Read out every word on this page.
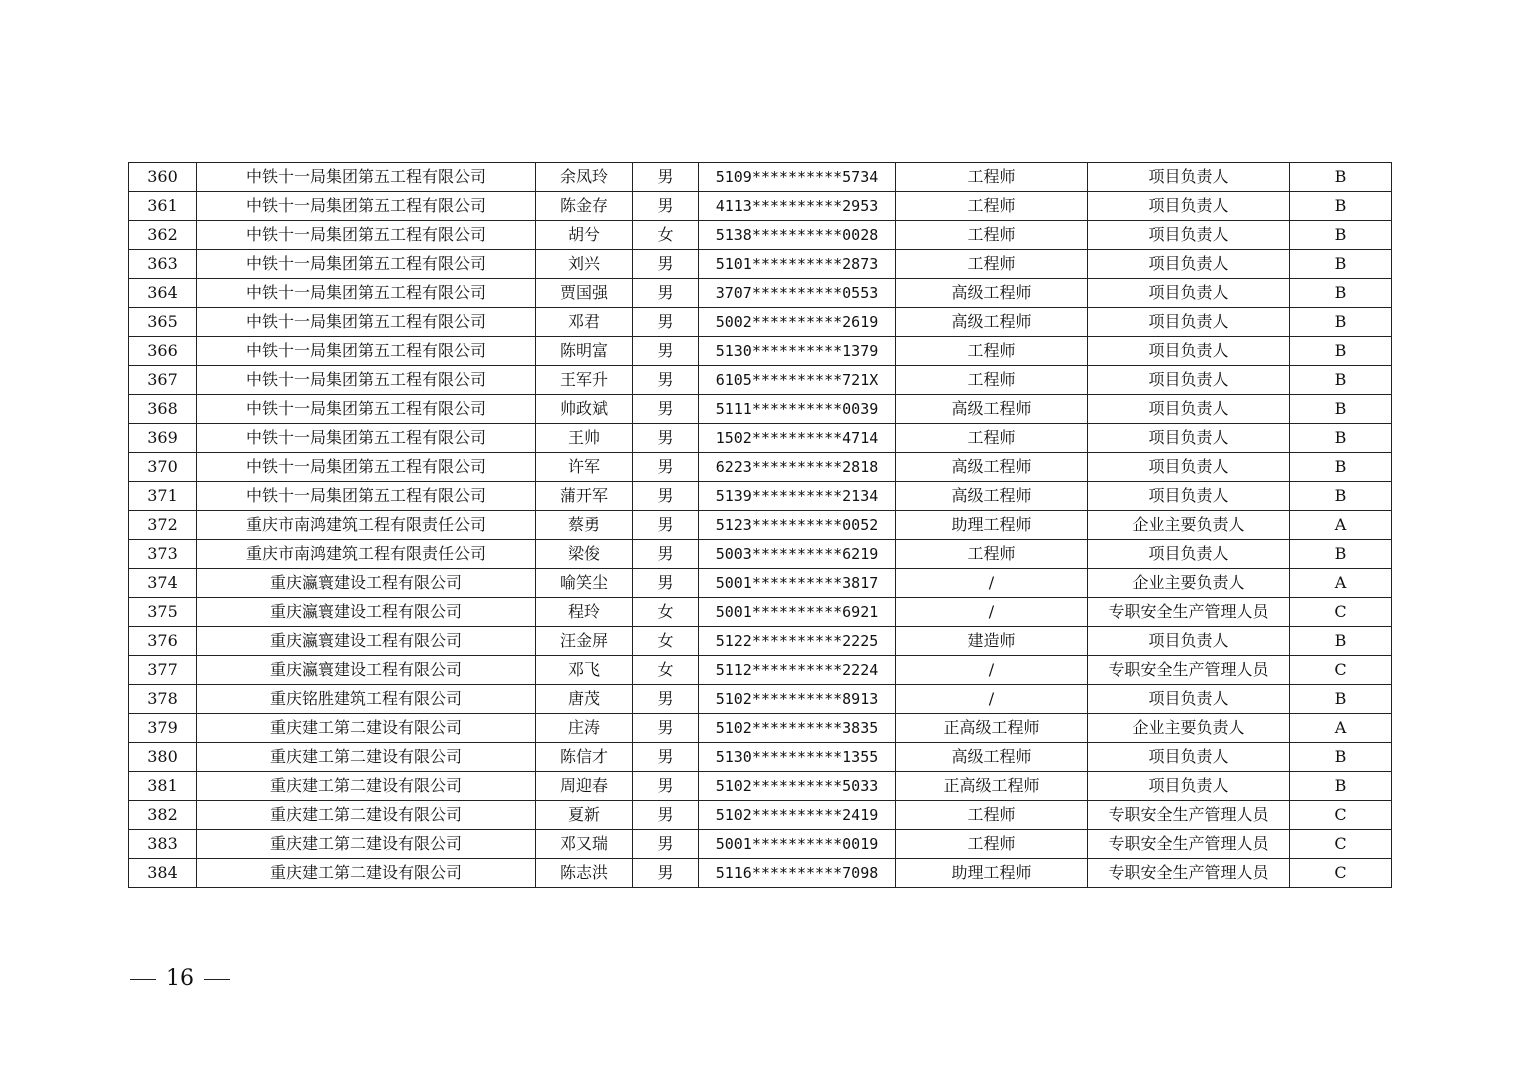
360	中铁十一局集团第五工程有限公司	余凤玲	男	5109**********5734	工程师	项目负责人	B
361	中铁十一局集团第五工程有限公司	陈金存	男	4113**********2953	工程师	项目负责人	B
362	中铁十一局集团第五工程有限公司	胡兮	女	5138**********0028	工程师	项目负责人	B
363	中铁十一局集团第五工程有限公司	刘兴	男	5101**********2873	工程师	项目负责人	B
364	中铁十一局集团第五工程有限公司	贾国强	男	3707**********0553	高级工程师	项目负责人	B
365	中铁十一局集团第五工程有限公司	邓君	男	5002**********2619	高级工程师	项目负责人	B
366	中铁十一局集团第五工程有限公司	陈明富	男	5130**********1379	工程师	项目负责人	B
367	中铁十一局集团第五工程有限公司	王军升	男	6105**********721X	工程师	项目负责人	B
368	中铁十一局集团第五工程有限公司	帅政斌	男	5111**********0039	高级工程师	项目负责人	B
369	中铁十一局集团第五工程有限公司	王帅	男	1502**********4714	工程师	项目负责人	B
370	中铁十一局集团第五工程有限公司	许军	男	6223**********2818	高级工程师	项目负责人	B
371	中铁十一局集团第五工程有限公司	蒲开军	男	5139**********2134	高级工程师	项目负责人	B
372	重庆市南鸿建筑工程有限责任公司	蔡勇	男	5123**********0052	助理工程师	企业主要负责人	A
373	重庆市南鸿建筑工程有限责任公司	梁俊	男	5003**********6219	工程师	项目负责人	B
374	重庆瀛寰建设工程有限公司	喻笑尘	男	5001**********3817	/	企业主要负责人	A
375	重庆瀛寰建设工程有限公司	程玲	女	5001**********6921	/	专职安全生产管理人员	C
376	重庆瀛寰建设工程有限公司	汪金屏	女	5122**********2225	建造师	项目负责人	B
377	重庆瀛寰建设工程有限公司	邓飞	女	5112**********2224	/	专职安全生产管理人员	C
378	重庆铭胜建筑工程有限公司	唐茂	男	5102**********8913	/	项目负责人	B
379	重庆建工第二建设有限公司	庄涛	男	5102**********3835	正高级工程师	企业主要负责人	A
380	重庆建工第二建设有限公司	陈信才	男	5130**********1355	高级工程师	项目负责人	B
381	重庆建工第二建设有限公司	周迎春	男	5102**********5033	正高级工程师	项目负责人	B
382	重庆建工第二建设有限公司	夏新	男	5102**********2419	工程师	专职安全生产管理人员	C
383	重庆建工第二建设有限公司	邓又瑞	男	5001**********0019	工程师	专职安全生产管理人员	C
384	重庆建工第二建设有限公司	陈志洪	男	5116**********7098	助理工程师	专职安全生产管理人员	C
16
